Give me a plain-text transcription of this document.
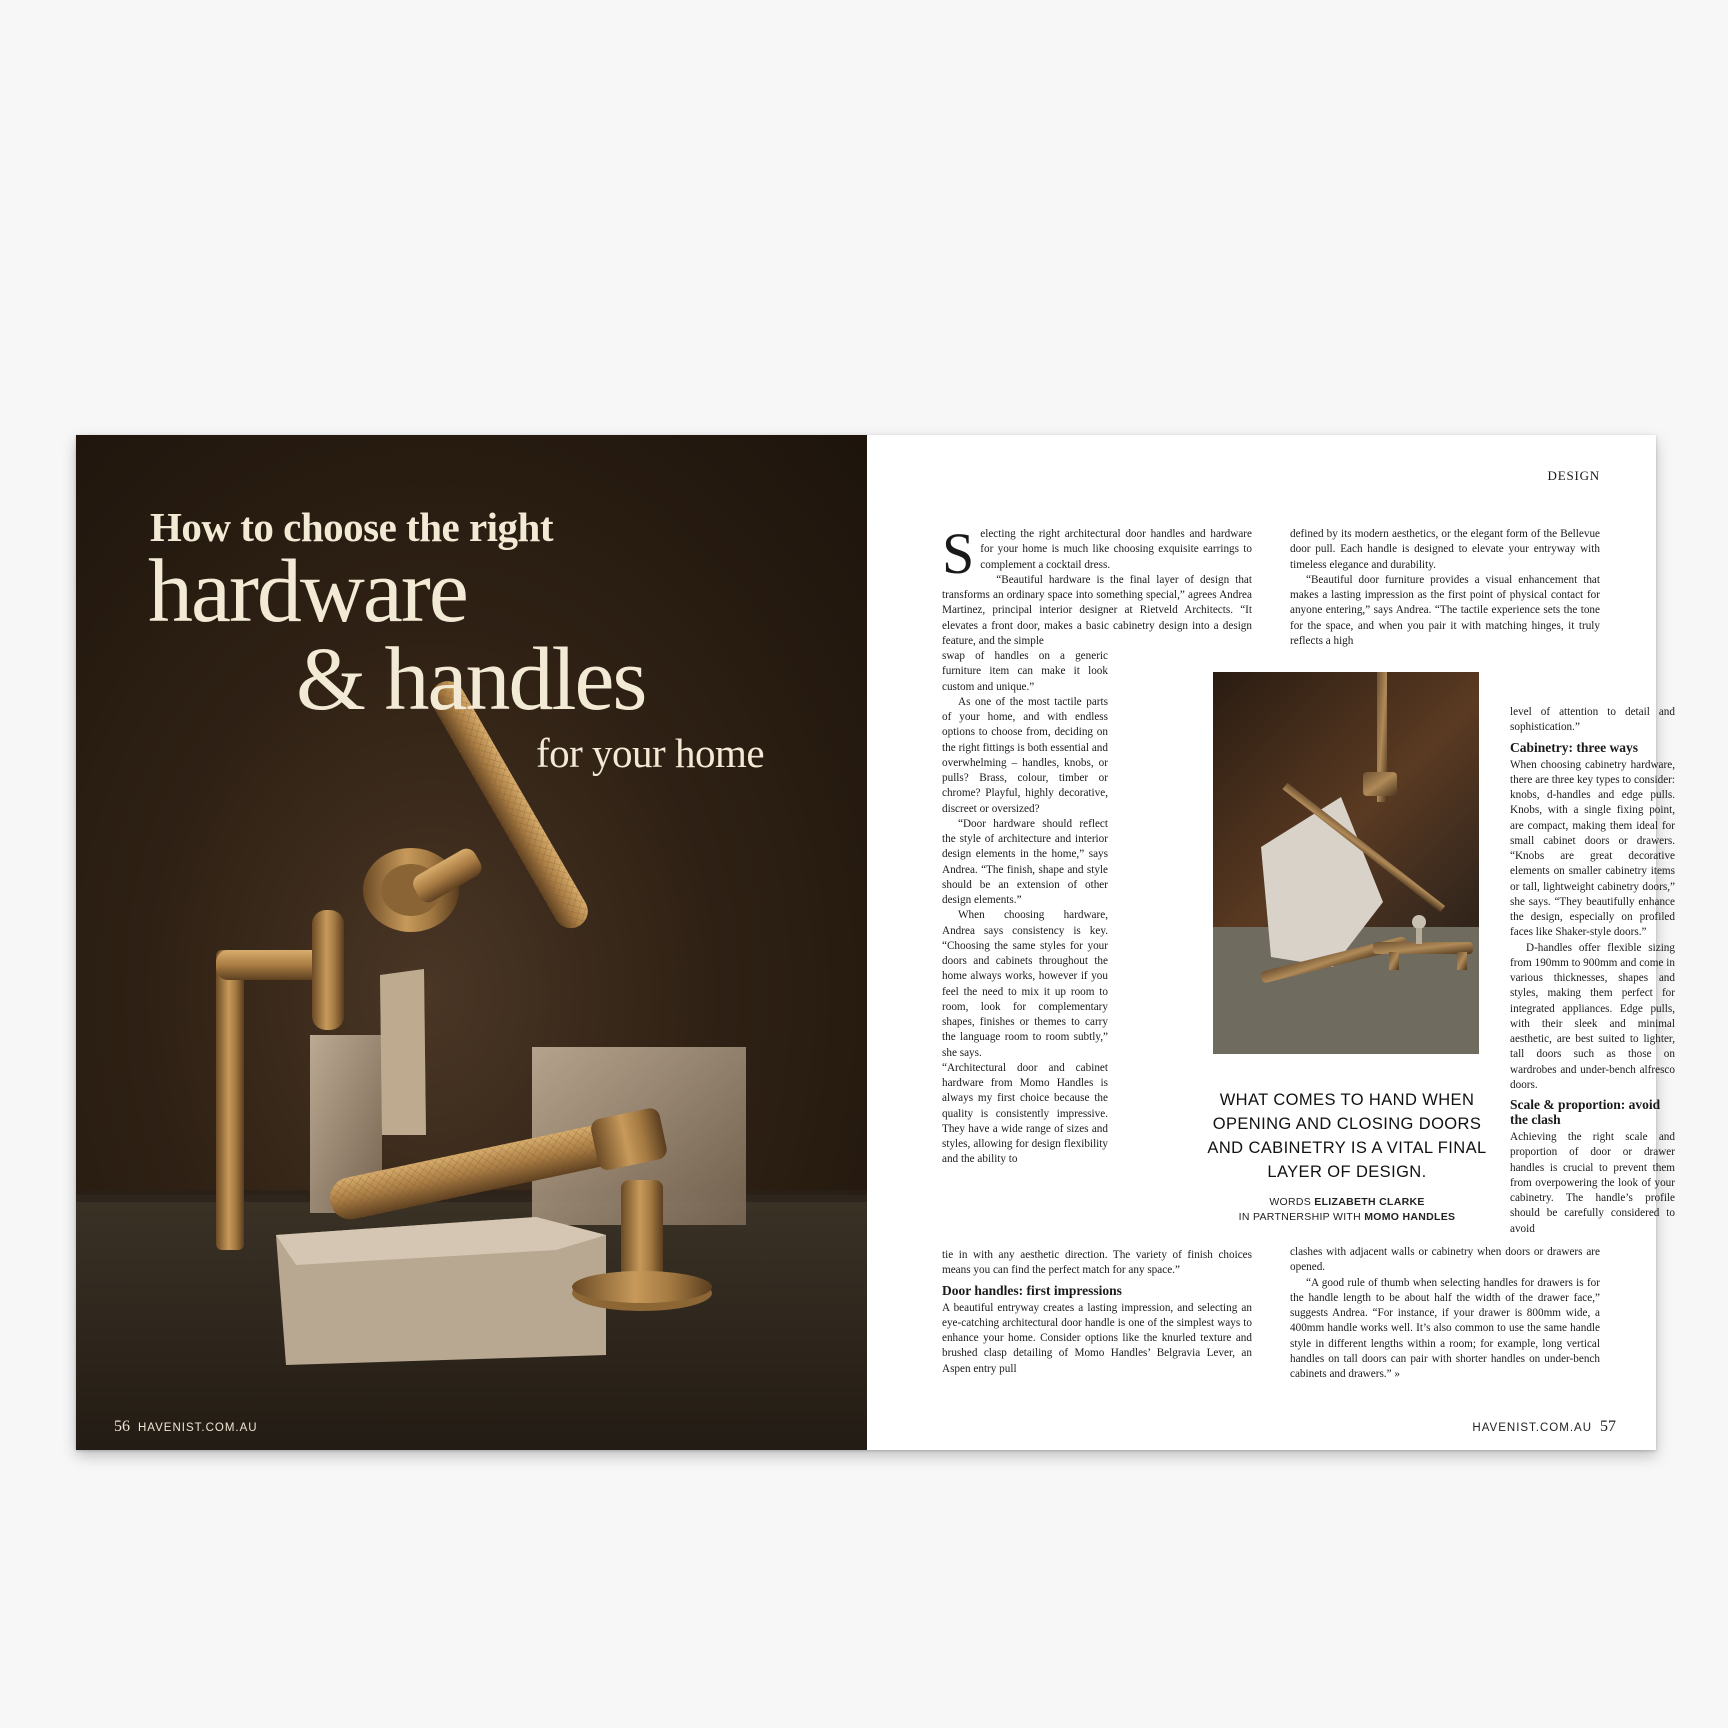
How to choose the right
hardware
& handles
for your home
56 HAVENIST.COM.AU
DESIGN

Selecting the right architectural door handles and hardware for your home is much like choosing exquisite earrings to complement a cocktail dress.

“Beautiful hardware is the final layer of design that transforms an ordinary space into something special,” agrees Andrea Martinez, principal interior designer at Rietveld Architects. “It elevates a front door, makes a basic cabinetry design into a design feature, and the simple

swap of handles on a generic furniture item can make it look custom and unique.”

As one of the most tactile parts of your home, and with endless options to choose from, deciding on the right fittings is both essential and overwhelming – handles, knobs, or pulls? Brass, colour, timber or chrome? Playful, highly decorative, discreet or oversized?

“Door hardware should reflect the style of architecture and interior design elements in the home,” says Andrea. “The finish, shape and style should be an extension of other design elements.”

When choosing hardware, Andrea says consistency is key. “Choosing the same styles for your doors and cabinets throughout the home always works, however if you feel the need to mix it up room to room, look for complementary shapes, finishes or themes to carry the language room to room subtly,” she says.

“Architectural door and cabinet hardware from Momo Handles is always my first choice because the quality is consistently impressive. They have a wide range of sizes and styles, allowing for design flexibility and the ability to

tie in with any aesthetic direction. The variety of finish choices means you can find the perfect match for any space.”

Door handles: first impressions

A beautiful entryway creates a lasting impression, and selecting an eye-catching architectural door handle is one of the simplest ways to enhance your home. Consider options like the knurled texture and brushed clasp detailing of Momo Handles’ Belgravia Lever, an Aspen entry pull

defined by its modern aesthetics, or the elegant form of the Bellevue door pull. Each handle is designed to elevate your entryway with timeless elegance and durability.

“Beautiful door furniture provides a visual enhancement that makes a lasting impression as the first point of physical contact for anyone entering,” says Andrea. “The tactile experience sets the tone for the space, and when you pair it with matching hinges, it truly reflects a high

level of attention to detail and sophistication.”

Cabinetry: three ways

When choosing cabinetry hardware, there are three key types to consider: knobs, d-handles and edge pulls. Knobs, with a single fixing point, are compact, making them ideal for small cabinet doors or drawers. “Knobs are great decorative elements on smaller cabinetry items or tall, lightweight cabinetry doors,” she says. “They beautifully enhance the design, especially on profiled faces like Shaker-style doors.”

D-handles offer flexible sizing from 190mm to 900mm and come in various thicknesses, shapes and styles, making them perfect for integrated appliances. Edge pulls, with their sleek and minimal aesthetic, are best suited to lighter, tall doors such as those on wardrobes and under-bench alfresco doors.

Scale & proportion: avoid the clash

Achieving the right scale and proportion of door or drawer handles is crucial to prevent them from overpowering the look of your cabinetry. The handle’s profile should be carefully considered to avoid

clashes with adjacent walls or cabinetry when doors or drawers are opened.

“A good rule of thumb when selecting handles for drawers is for the handle length to be about half the width of the drawer face,” suggests Andrea. “For instance, if your drawer is 800mm wide, a 400mm handle works well. It’s also common to use the same handle style in different lengths within a room; for example, long vertical handles on tall doors can pair with shorter handles on under-bench cabinets and drawers.” »

WHAT COMES TO HAND WHEN OPENING AND CLOSING DOORS AND CABINETRY IS A VITAL FINAL LAYER OF DESIGN.
WORDS ELIZABETH CLARKE
IN PARTNERSHIP WITH MOMO HANDLES
HAVENIST.COM.AU 57
